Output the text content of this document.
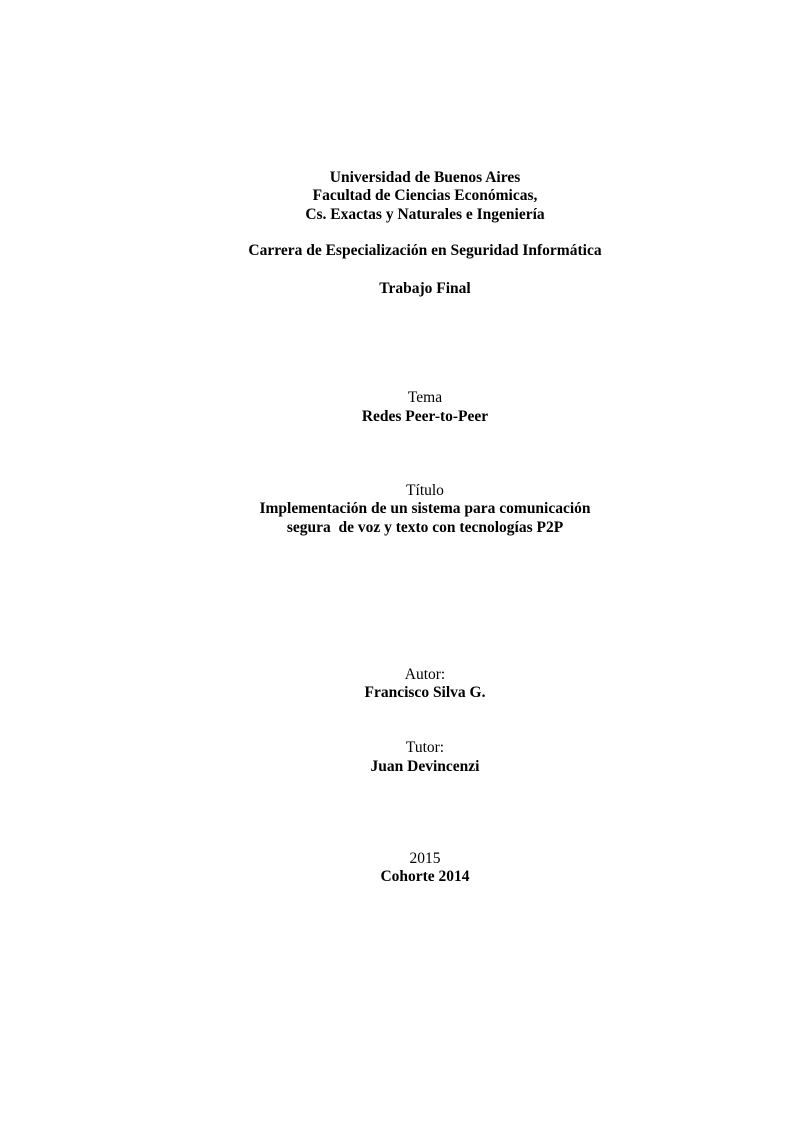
Universidad de Buenos Aires
Facultad de Ciencias Económicas,
Cs. Exactas y Naturales e Ingeniería
Carrera de Especialización en Seguridad Informática
Trabajo Final
Tema
Redes Peer-to-Peer
Título
Implementación de un sistema para comunicación
segura  de voz y texto con tecnologías P2P
Autor:
Francisco Silva G.
Tutor:
Juan Devincenzi
2015
Cohorte 2014
